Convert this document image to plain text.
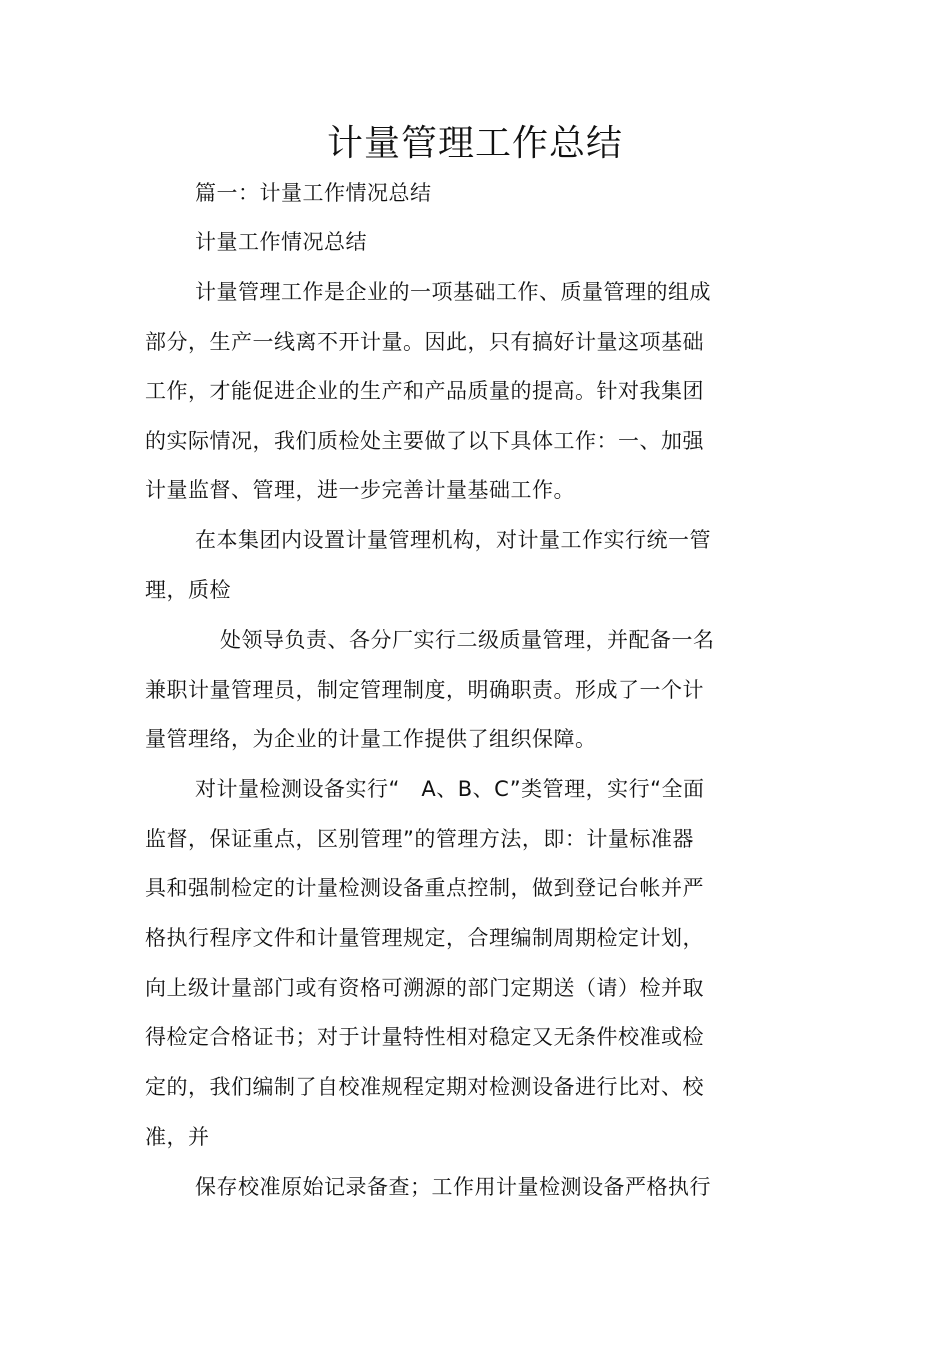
计量管理工作总结
篇一：计量工作情况总结
计量工作情况总结
计量管理工作是企业的一项基础工作、质量管理的组成
部分，生产一线离不开计量。因此，只有搞好计量这项基础
工作，才能促进企业的生产和产品质量的提高。针对我集团
的实际情况，我们质检处主要做了以下具体工作：一、加强
计量监督、管理，进一步完善计量基础工作。
在本集团内设置计量管理机构，对计量工作实行统一管
理，质检
处领导负责、各分厂实行二级质量管理，并配备一名
兼职计量管理员，制定管理制度，明确职责。形成了一个计
量管理络，为企业的计量工作提供了组织保障。
对计量检测设备实行“　A、B、C”类管理，实行“全面
监督，保证重点，区别管理”的管理方法，即：计量标准器
具和强制检定的计量检测设备重点控制，做到登记台帐并严
格执行程序文件和计量管理规定，合理编制周期检定计划，
向上级计量部门或有资格可溯源的部门定期送（请）检并取
得检定合格证书；对于计量特性相对稳定又无条件校准或检
定的，我们编制了自校准规程定期对检测设备进行比对、校
准，并
保存校准原始记录备查；工作用计量检测设备严格执行
